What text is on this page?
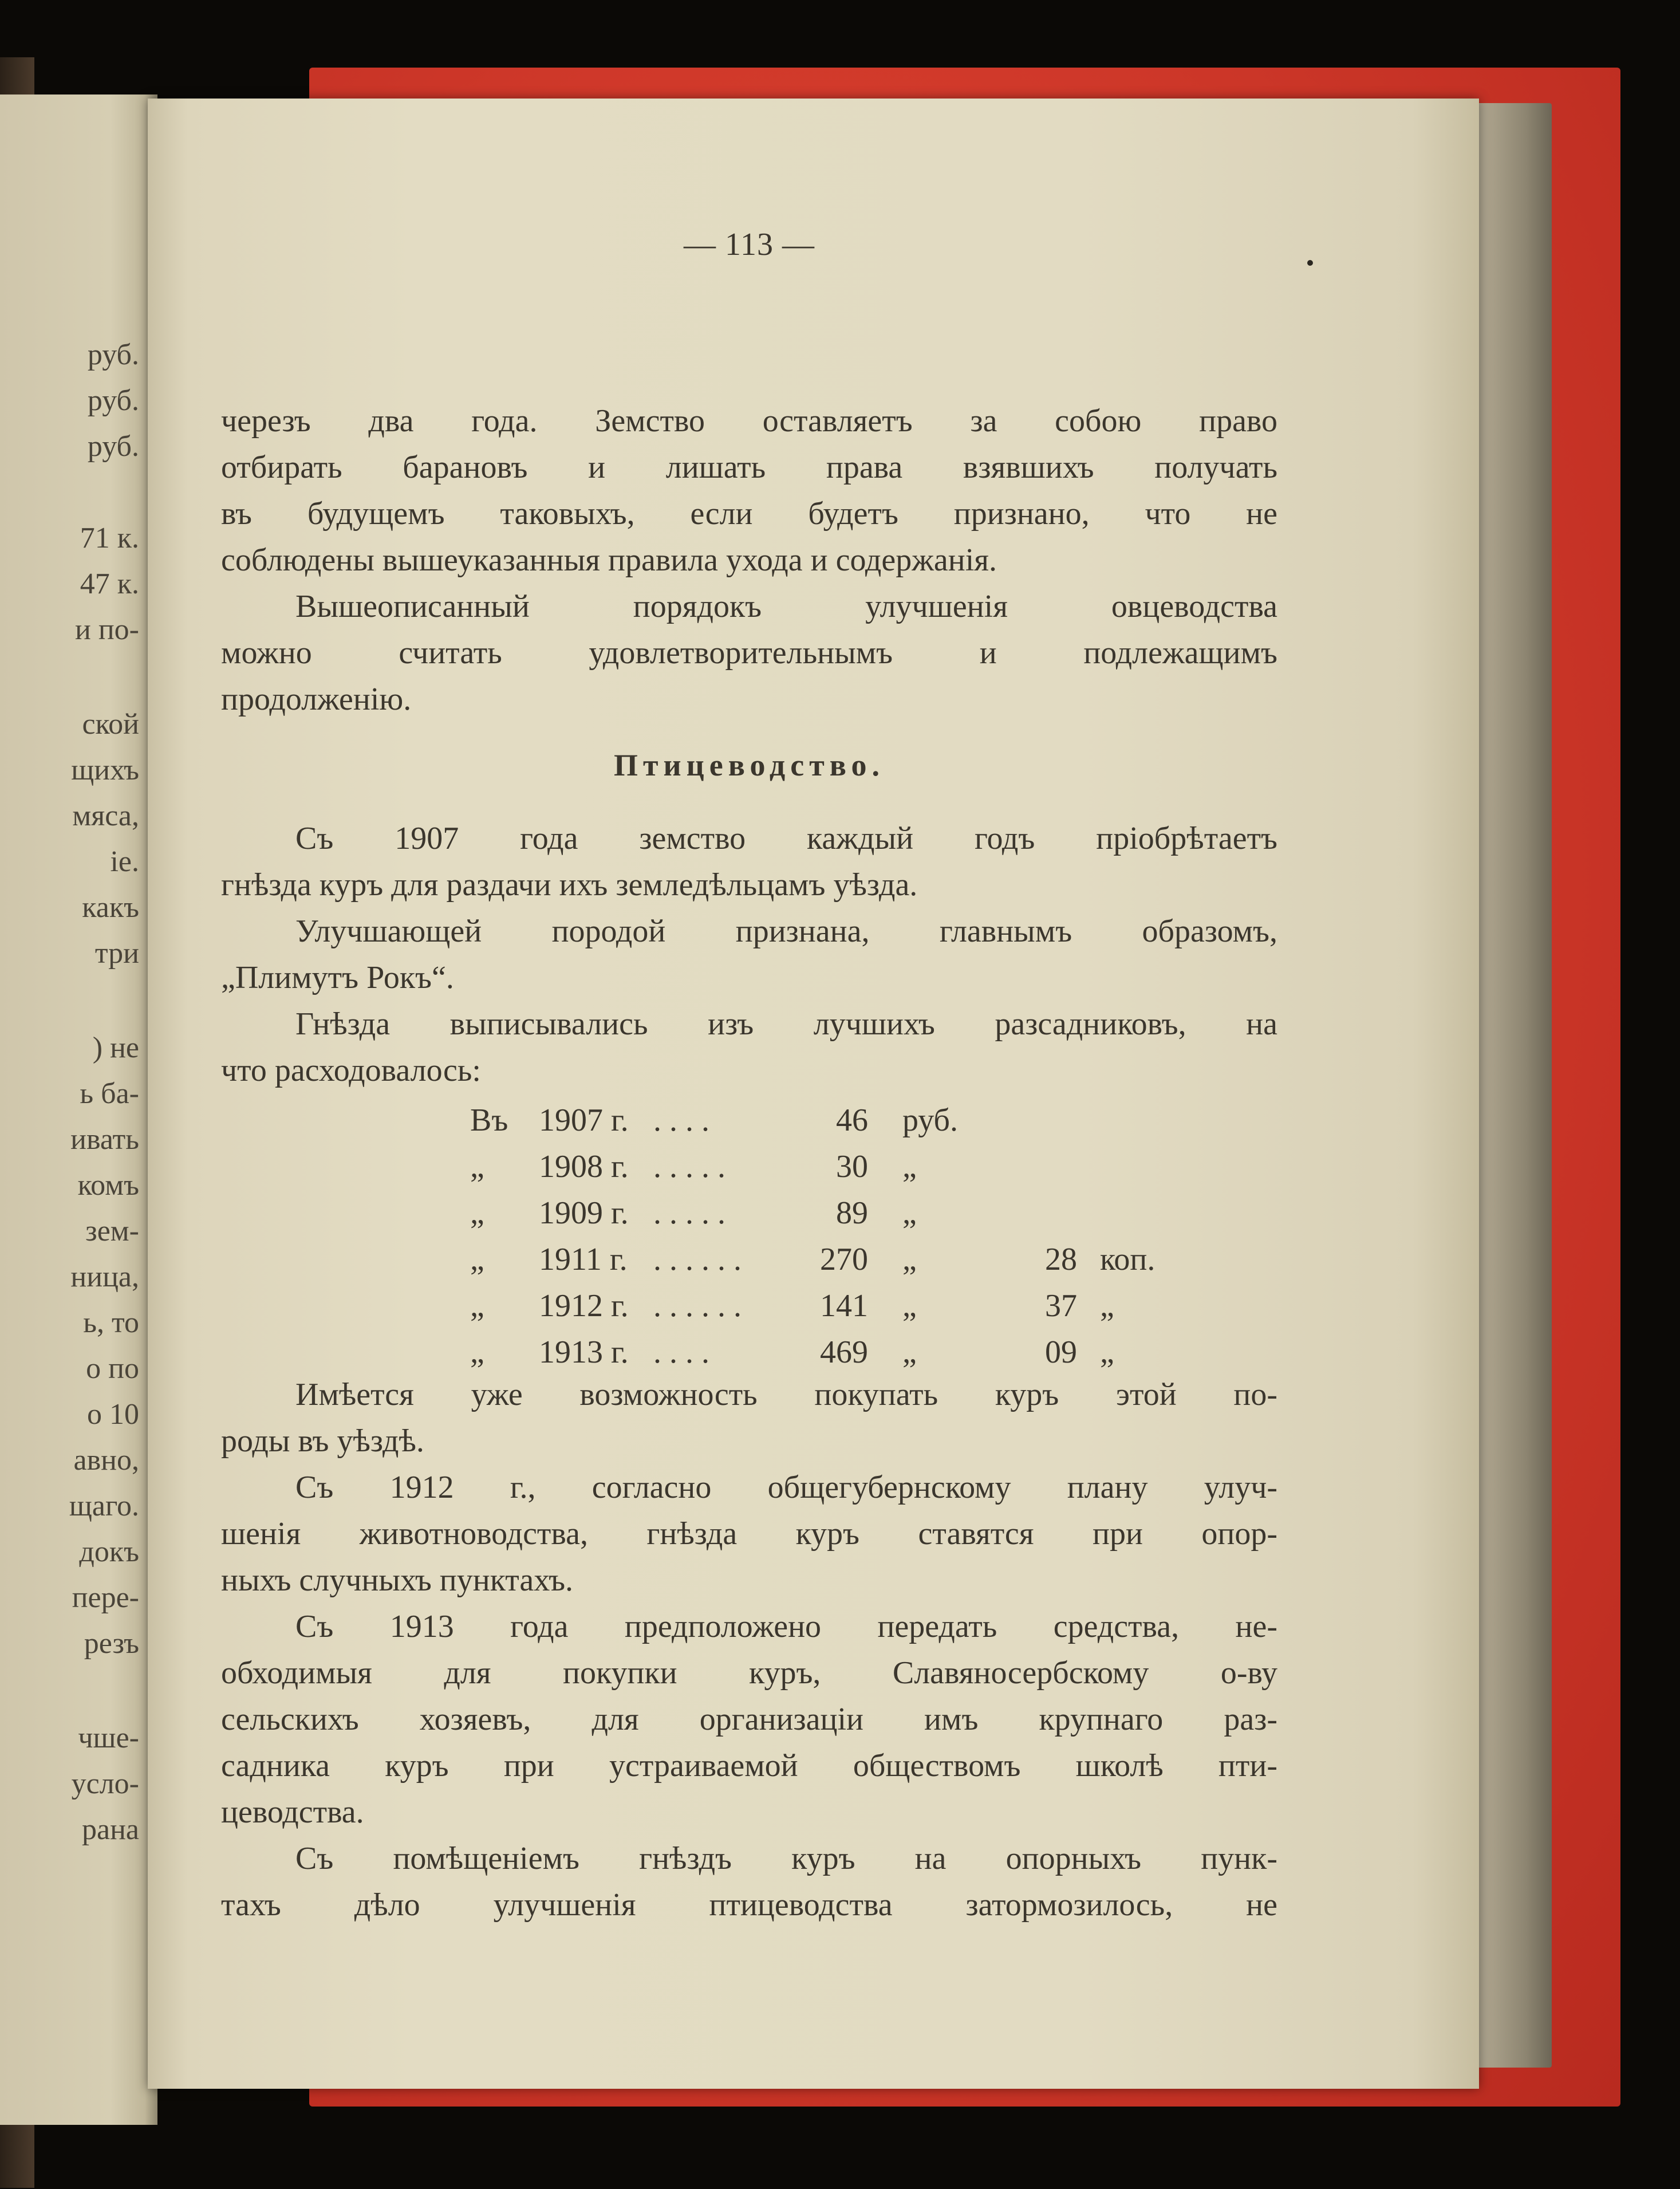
руб.
руб.
руб.
71 к.
47 к.
и по-
ской
щихъ
мяса,
іе.
какъ
три
) не
ь ба-
ивать
комъ
зем-
ница,
ь, то
о по
о 10
авно,
щаго.
докъ
пере-
резъ
чше-
усло-
рана
— 113 —
черезъ два года. Земство оставляетъ за собою право
отбирать барановъ и лишать права взявшихъ получать
въ будущемъ таковыхъ, если будетъ признано, что не
соблюдены вышеуказанныя правила ухода и содержанія.
Вышеописанный порядокъ улучшенія овцеводства
можно считать удовлетворительнымъ и подлежащимъ
продолженію.
Птицеводство.
Съ 1907 года земство каждый годъ пріобрѣтаетъ
гнѣзда куръ для раздачи ихъ земледѣльцамъ уѣзда.
Улучшающей породой признана, главнымъ образомъ,
„Плимутъ Рокъ“.
Гнѣзда выписывались изъ лучшихъ разсадниковъ, на
что расходовалось:
Въ 1907 г. . . . .	46 руб.
„ 1908 г. . . . . .	30 „
„ 1909 г. . . . . .	89 „
„ 1911 г. . . . . . .	270 „	28 коп.
„ 1912 г. . . . . . .	141 „	37 „
„ 1913 г. . . . .	469 „	09 „
Имѣется уже возможность покупать куръ этой по-
роды въ уѣздѣ.
Съ 1912 г., согласно общегубернскому плану улуч-
шенія животноводства, гнѣзда куръ ставятся при опор-
ныхъ случныхъ пунктахъ.
Съ 1913 года предположено передать средства, не-
обходимыя для покупки куръ, Славяносербскому о-ву
сельскихъ хозяевъ, для организаціи имъ крупнаго раз-
садника куръ при устраиваемой обществомъ школѣ пти-
цеводства.
Съ помѣщеніемъ гнѣздъ куръ на опорныхъ пунк-
тахъ дѣло улучшенія птицеводства затормозилось, не
